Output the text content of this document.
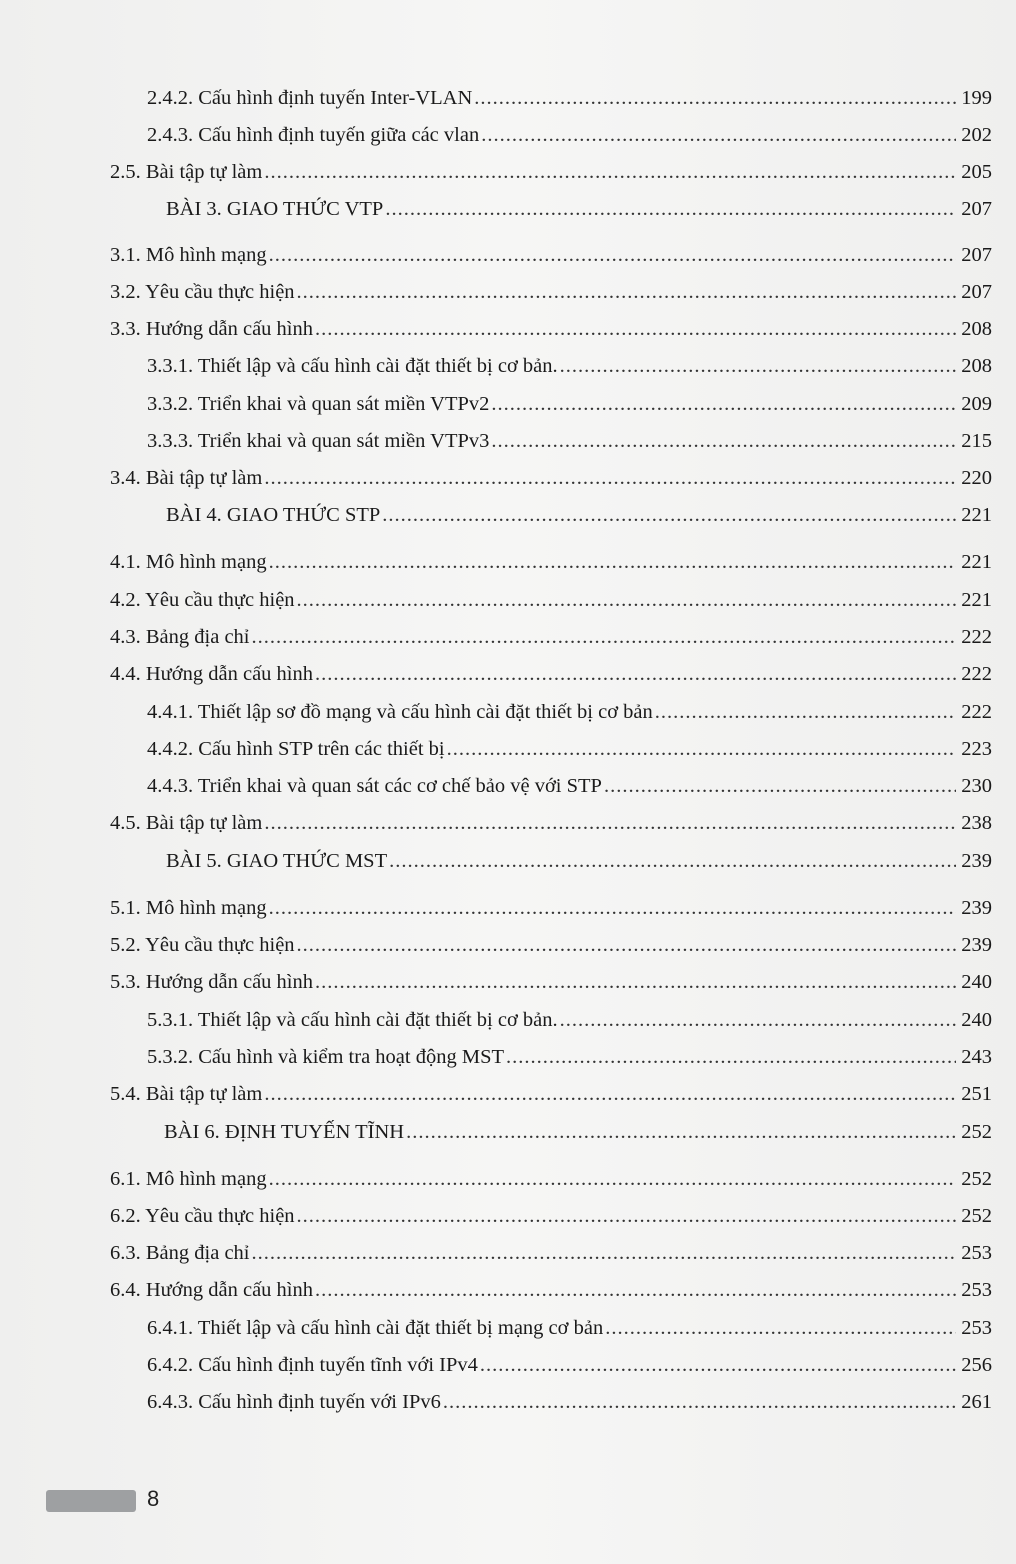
2.4.2. Cấu hình định tuyến Inter-VLAN .....	199
2.4.3. Cấu hình định tuyến giữa các vlan .....	202
2.5. Bài tập tự làm .....	205
BÀI 3. GIAO THỨC VTP .....	207
3.1. Mô hình mạng .....	207
3.2. Yêu cầu thực hiện .....	207
3.3. Hướng dẫn cấu hình .....	208
3.3.1. Thiết lập và cấu hình cài đặt thiết bị cơ bản. .....	208
3.3.2. Triển khai và quan sát miền VTPv2 .....	209
3.3.3. Triển khai và quan sát miền VTPv3 .....	215
3.4. Bài tập tự làm .....	220
BÀI 4. GIAO THỨC STP .....	221
4.1. Mô hình mạng .....	221
4.2. Yêu cầu thực hiện .....	221
4.3. Bảng địa chỉ .....	222
4.4. Hướng dẫn cấu hình .....	222
4.4.1. Thiết lập sơ đồ mạng và cấu hình cài đặt thiết bị cơ bản .....	222
4.4.2. Cấu hình STP trên các thiết bị .....	223
4.4.3. Triển khai và quan sát các cơ chế bảo vệ với STP .....	230
4.5. Bài tập tự làm .....	238
BÀI 5. GIAO THỨC MST .....	239
5.1. Mô hình mạng .....	239
5.2. Yêu cầu thực hiện .....	239
5.3. Hướng dẫn cấu hình .....	240
5.3.1. Thiết lập và cấu hình cài đặt thiết bị cơ bản. .....	240
5.3.2. Cấu hình và kiểm tra hoạt động MST .....	243
5.4. Bài tập tự làm .....	251
BÀI 6. ĐỊNH TUYẾN TĨNH .....	252
6.1. Mô hình mạng .....	252
6.2. Yêu cầu thực hiện .....	252
6.3. Bảng địa chỉ .....	253
6.4. Hướng dẫn cấu hình .....	253
6.4.1. Thiết lập và cấu hình cài đặt thiết bị mạng cơ bản .....	253
6.4.2. Cấu hình định tuyến tĩnh với IPv4 .....	256
6.4.3. Cấu hình định tuyến với IPv6 .....	261
8
